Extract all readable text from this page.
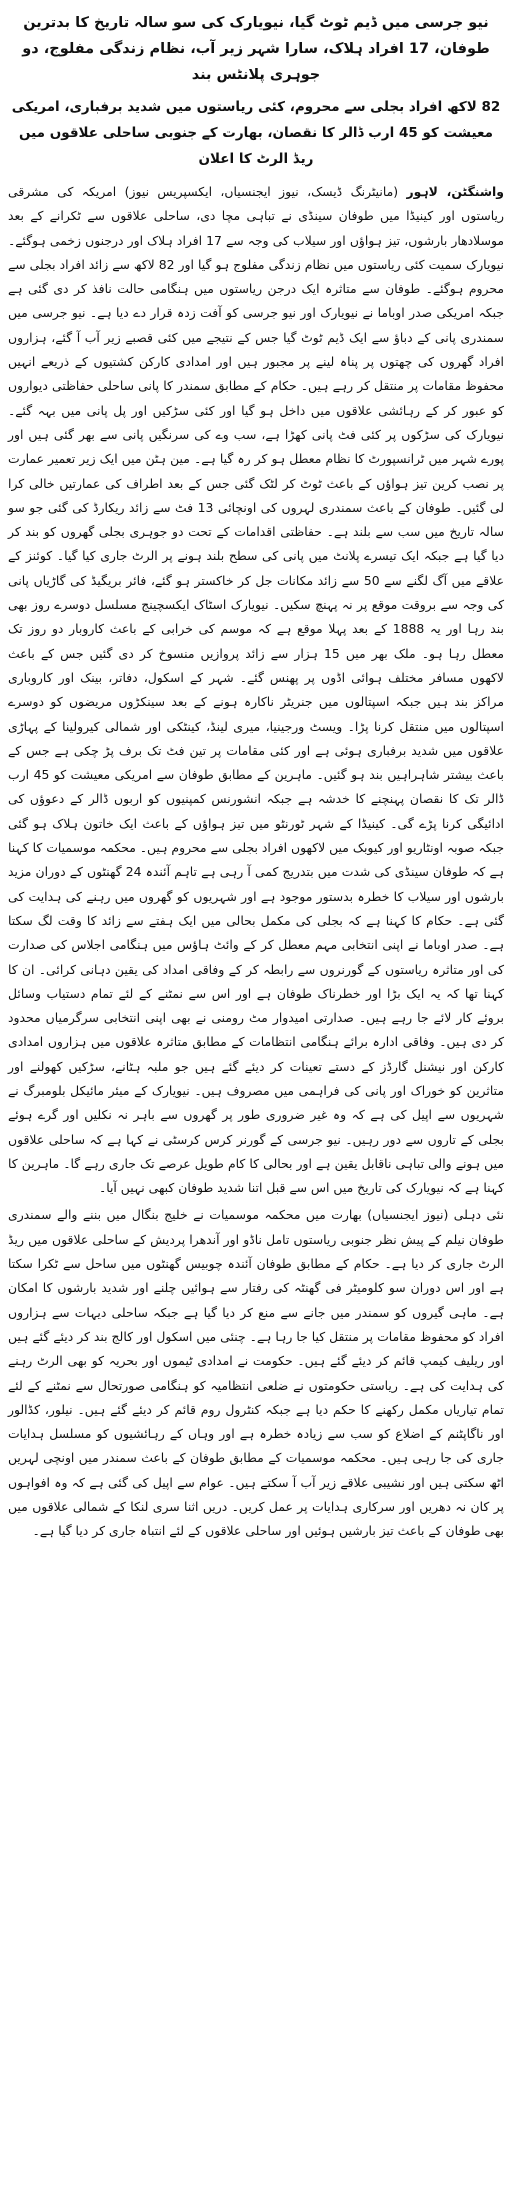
نیو جرسی میں ڈیم ٹوٹ گیا، نیویارک کی سو سالہ تاریخ کا بدترین طوفان، 17 افراد ہلاک، سارا شہر زیر آب، نظام زندگی مفلوج، دو جوہری پلانٹس بند
82 لاکھ افراد بجلی سے محروم، کئی ریاستوں میں شدید برفباری، امریکی معیشت کو 45 ارب ڈالر کا نقصان، بھارت کے جنوبی ساحلی علاقوں میں ریڈ الرٹ کا اعلان

واشنگٹن، لاہور (مانیٹرنگ ڈیسک، نیوز ایجنسیاں، ایکسپریس نیوز) امریکہ کی مشرقی ریاستوں اور کینیڈا میں طوفان سینڈی نے تباہی مچا دی، ساحلی علاقوں سے ٹکرانے کے بعد موسلادھار بارشوں، تیز ہواؤں اور سیلاب کی وجہ سے 17 افراد ہلاک اور درجنوں زخمی ہوگئے۔ نیویارک سمیت کئی ریاستوں میں نظام زندگی مفلوج ہو گیا اور 82 لاکھ سے زائد افراد بجلی سے محروم ہوگئے۔ طوفان سے متاثرہ ایک درجن ریاستوں میں ہنگامی حالت نافذ کر دی گئی ہے جبکہ امریکی صدر اوباما نے نیویارک اور نیو جرسی کو آفت زدہ قرار دے دیا ہے۔ نیو جرسی میں سمندری پانی کے دباؤ سے ایک ڈیم ٹوٹ گیا جس کے نتیجے میں کئی قصبے زیر آب آ گئے، ہزاروں افراد گھروں کی چھتوں پر پناہ لینے پر مجبور ہیں اور امدادی کارکن کشتیوں کے ذریعے انہیں محفوظ مقامات پر منتقل کر رہے ہیں۔ حکام کے مطابق سمندر کا پانی ساحلی حفاظتی دیواروں کو عبور کر کے رہائشی علاقوں میں داخل ہو گیا اور کئی سڑکیں اور پل پانی میں بہہ گئے۔ نیویارک کی سڑکوں پر کئی فٹ پانی کھڑا ہے، سب وے کی سرنگیں پانی سے بھر گئی ہیں اور پورے شہر میں ٹرانسپورٹ کا نظام معطل ہو کر رہ گیا ہے۔ مین ہٹن میں ایک زیر تعمیر عمارت پر نصب کرین تیز ہواؤں کے باعث ٹوٹ کر لٹک گئی جس کے بعد اطراف کی عمارتیں خالی کرا لی گئیں۔ طوفان کے باعث سمندری لہروں کی اونچائی 13 فٹ سے زائد ریکارڈ کی گئی جو سو سالہ تاریخ میں سب سے بلند ہے۔ حفاظتی اقدامات کے تحت دو جوہری بجلی گھروں کو بند کر دیا گیا ہے جبکہ ایک تیسرے پلانٹ میں پانی کی سطح بلند ہونے پر الرٹ جاری کیا گیا۔ کوئنز کے علاقے میں آگ لگنے سے 50 سے زائد مکانات جل کر خاکستر ہو گئے، فائر بریگیڈ کی گاڑیاں پانی کی وجہ سے بروقت موقع پر نہ پہنچ سکیں۔ نیویارک اسٹاک ایکسچینج مسلسل دوسرے روز بھی بند رہا اور یہ 1888 کے بعد پہلا موقع ہے کہ موسم کی خرابی کے باعث کاروبار دو روز تک معطل رہا ہو۔ ملک بھر میں 15 ہزار سے زائد پروازیں منسوخ کر دی گئیں جس کے باعث لاکھوں مسافر مختلف ہوائی اڈوں پر پھنس گئے۔ شہر کے اسکول، دفاتر، بینک اور کاروباری مراکز بند ہیں جبکہ اسپتالوں میں جنریٹر ناکارہ ہونے کے بعد سینکڑوں مریضوں کو دوسرے اسپتالوں میں منتقل کرنا پڑا۔ ویسٹ ورجینیا، میری لینڈ، کینٹکی اور شمالی کیرولینا کے پہاڑی علاقوں میں شدید برفباری ہوئی ہے اور کئی مقامات پر تین فٹ تک برف پڑ چکی ہے جس کے باعث بیشتر شاہراہیں بند ہو گئیں۔ ماہرین کے مطابق طوفان سے امریکی معیشت کو 45 ارب ڈالر تک کا نقصان پہنچنے کا خدشہ ہے جبکہ انشورنس کمپنیوں کو اربوں ڈالر کے دعوؤں کی ادائیگی کرنا پڑے گی۔ کینیڈا کے شہر ٹورنٹو میں تیز ہواؤں کے باعث ایک خاتون ہلاک ہو گئی جبکہ صوبہ اونٹاریو اور کیوبک میں لاکھوں افراد بجلی سے محروم ہیں۔ محکمہ موسمیات کا کہنا ہے کہ طوفان سینڈی کی شدت میں بتدریج کمی آ رہی ہے تاہم آئندہ 24 گھنٹوں کے دوران مزید بارشوں اور سیلاب کا خطرہ بدستور موجود ہے اور شہریوں کو گھروں میں رہنے کی ہدایت کی گئی ہے۔ حکام کا کہنا ہے کہ بجلی کی مکمل بحالی میں ایک ہفتے سے زائد کا وقت لگ سکتا ہے۔ صدر اوباما نے اپنی انتخابی مہم معطل کر کے وائٹ ہاؤس میں ہنگامی اجلاس کی صدارت کی اور متاثرہ ریاستوں کے گورنروں سے رابطہ کر کے وفاقی امداد کی یقین دہانی کرائی۔ ان کا کہنا تھا کہ یہ ایک بڑا اور خطرناک طوفان ہے اور اس سے نمٹنے کے لئے تمام دستیاب وسائل بروئے کار لائے جا رہے ہیں۔ صدارتی امیدوار مٹ رومنی نے بھی اپنی انتخابی سرگرمیاں محدود کر دی ہیں۔ وفاقی ادارہ برائے ہنگامی انتظامات کے مطابق متاثرہ علاقوں میں ہزاروں امدادی کارکن اور نیشنل گارڈز کے دستے تعینات کر دیئے گئے ہیں جو ملبہ ہٹانے، سڑکیں کھولنے اور متاثرین کو خوراک اور پانی کی فراہمی میں مصروف ہیں۔ نیویارک کے میئر مائیکل بلومبرگ نے شہریوں سے اپیل کی ہے کہ وہ غیر ضروری طور پر گھروں سے باہر نہ نکلیں اور گرے ہوئے بجلی کے تاروں سے دور رہیں۔ نیو جرسی کے گورنر کرس کرسٹی نے کہا ہے کہ ساحلی علاقوں میں ہونے والی تباہی ناقابل یقین ہے اور بحالی کا کام طویل عرصے تک جاری رہے گا۔ ماہرین کا کہنا ہے کہ نیویارک کی تاریخ میں اس سے قبل اتنا شدید طوفان کبھی نہیں آیا۔

نئی دہلی (نیوز ایجنسیاں) بھارت میں محکمہ موسمیات نے خلیج بنگال میں بننے والے سمندری طوفان نیلم کے پیش نظر جنوبی ریاستوں تامل ناڈو اور آندھرا پردیش کے ساحلی علاقوں میں ریڈ الرٹ جاری کر دیا ہے۔ حکام کے مطابق طوفان آئندہ چوبیس گھنٹوں میں ساحل سے ٹکرا سکتا ہے اور اس دوران سو کلومیٹر فی گھنٹہ کی رفتار سے ہوائیں چلنے اور شدید بارشوں کا امکان ہے۔ ماہی گیروں کو سمندر میں جانے سے منع کر دیا گیا ہے جبکہ ساحلی دیہات سے ہزاروں افراد کو محفوظ مقامات پر منتقل کیا جا رہا ہے۔ چنئی میں اسکول اور کالج بند کر دیئے گئے ہیں اور ریلیف کیمپ قائم کر دیئے گئے ہیں۔ حکومت نے امدادی ٹیموں اور بحریہ کو بھی الرٹ رہنے کی ہدایت کی ہے۔ ریاستی حکومتوں نے ضلعی انتظامیہ کو ہنگامی صورتحال سے نمٹنے کے لئے تمام تیاریاں مکمل رکھنے کا حکم دیا ہے جبکہ کنٹرول روم قائم کر دیئے گئے ہیں۔ نیلور، کڈالور اور ناگاپٹنم کے اضلاع کو سب سے زیادہ خطرہ ہے اور وہاں کے رہائشیوں کو مسلسل ہدایات جاری کی جا رہی ہیں۔ محکمہ موسمیات کے مطابق طوفان کے باعث سمندر میں اونچی لہریں اٹھ سکتی ہیں اور نشیبی علاقے زیر آب آ سکتے ہیں۔ عوام سے اپیل کی گئی ہے کہ وہ افواہوں پر کان نہ دھریں اور سرکاری ہدایات پر عمل کریں۔ دریں اثنا سری لنکا کے شمالی علاقوں میں بھی طوفان کے باعث تیز بارشیں ہوئیں اور ساحلی علاقوں کے لئے انتباہ جاری کر دیا گیا ہے۔
